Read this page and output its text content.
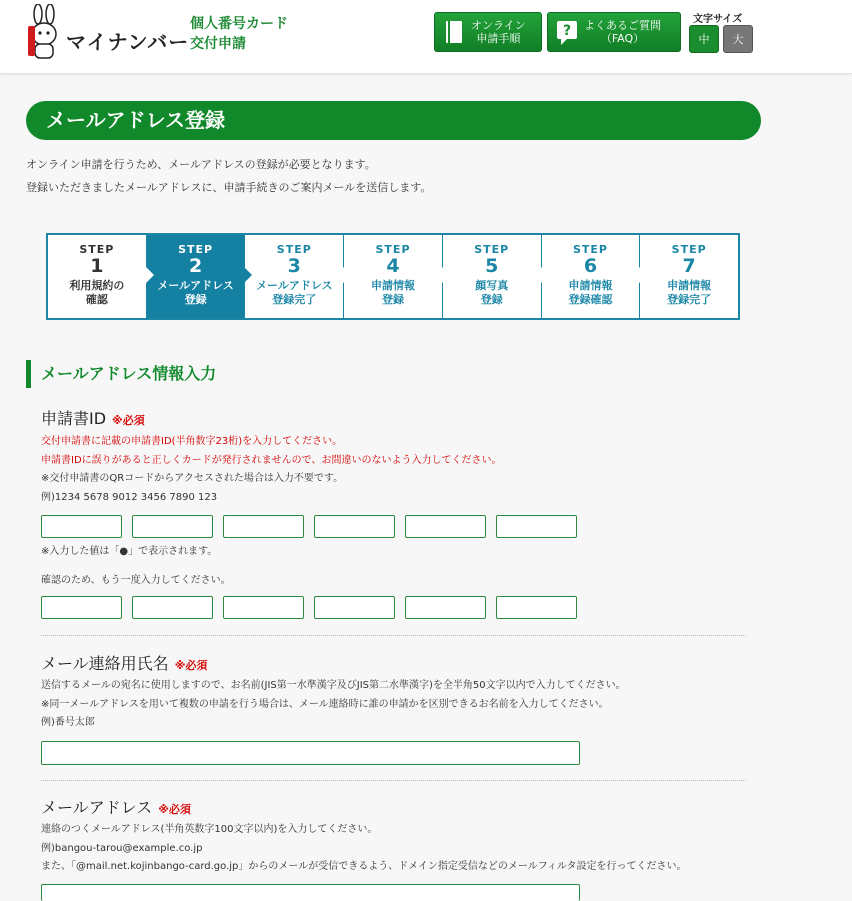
マイナンバー
個人番号カード
交付申請
オンライン
申請手順	? よくあるご質問
（FAQ）
文字サイズ
中	大
メールアドレス登録
オンライン申請を行うため、メールアドレスの登録が必要となります。
登録いただきましたメールアドレスに、申請手続きのご案内メールを送信します。
STEP
1
利用規約の
確認
STEP
2
メールアドレス
登録
STEP
3
メールアドレス
登録完了
STEP
4
申請情報
登録
STEP
5
顔写真
登録
STEP
6
申請情報
登録確認
STEP
7
申請情報
登録完了
メールアドレス情報入力
申請書ID ※必須
交付申請書に記載の申請書ID(半角数字23桁)を入力してください。
申請書IDに誤りがあると正しくカードが発行されませんので、お間違いのないよう入力してください。
※交付申請書のQRコードからアクセスされた場合は入力不要です。
例)1234 5678 9012 3456 7890 123
※入力した値は「●」で表示されます。
確認のため、もう一度入力してください。
メール連絡用氏名 ※必須
送信するメールの宛名に使用しますので、お名前(JIS第一水準漢字及びJIS第二水準漢字)を全半角50文字以内で入力してください。
※同一メールアドレスを用いて複数の申請を行う場合は、メール連絡時に誰の申請かを区別できるお名前を入力してください。
例)番号太郎
メールアドレス ※必須
連絡のつくメールアドレス(半角英数字100文字以内)を入力してください。
例)bangou-tarou@example.co.jp
また、「@mail.net.kojinbango-card.go.jp」からのメールが受信できるよう、ドメイン指定受信などのメールフィルタ設定を行ってください。
